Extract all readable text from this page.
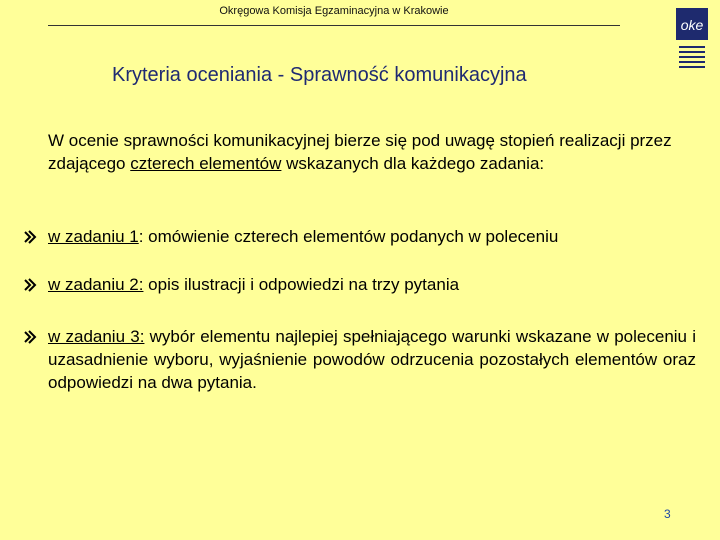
Okręgowa Komisja Egzaminacyjna w Krakowie
oke
Kryteria oceniania - Sprawność komunikacyjna
W ocenie sprawności komunikacyjnej bierze się pod uwagę stopień realizacji przez zdającego czterech elementów wskazanych dla każdego zadania:
w zadaniu 1: omówienie czterech elementów podanych w poleceniu
w zadaniu 2: opis ilustracji i odpowiedzi na trzy pytania
w zadaniu 3: wybór elementu najlepiej spełniającego warunki wskazane w poleceniu i uzasadnienie wyboru, wyjaśnienie powodów odrzucenia pozostałych elementów oraz odpowiedzi na dwa pytania.
3
